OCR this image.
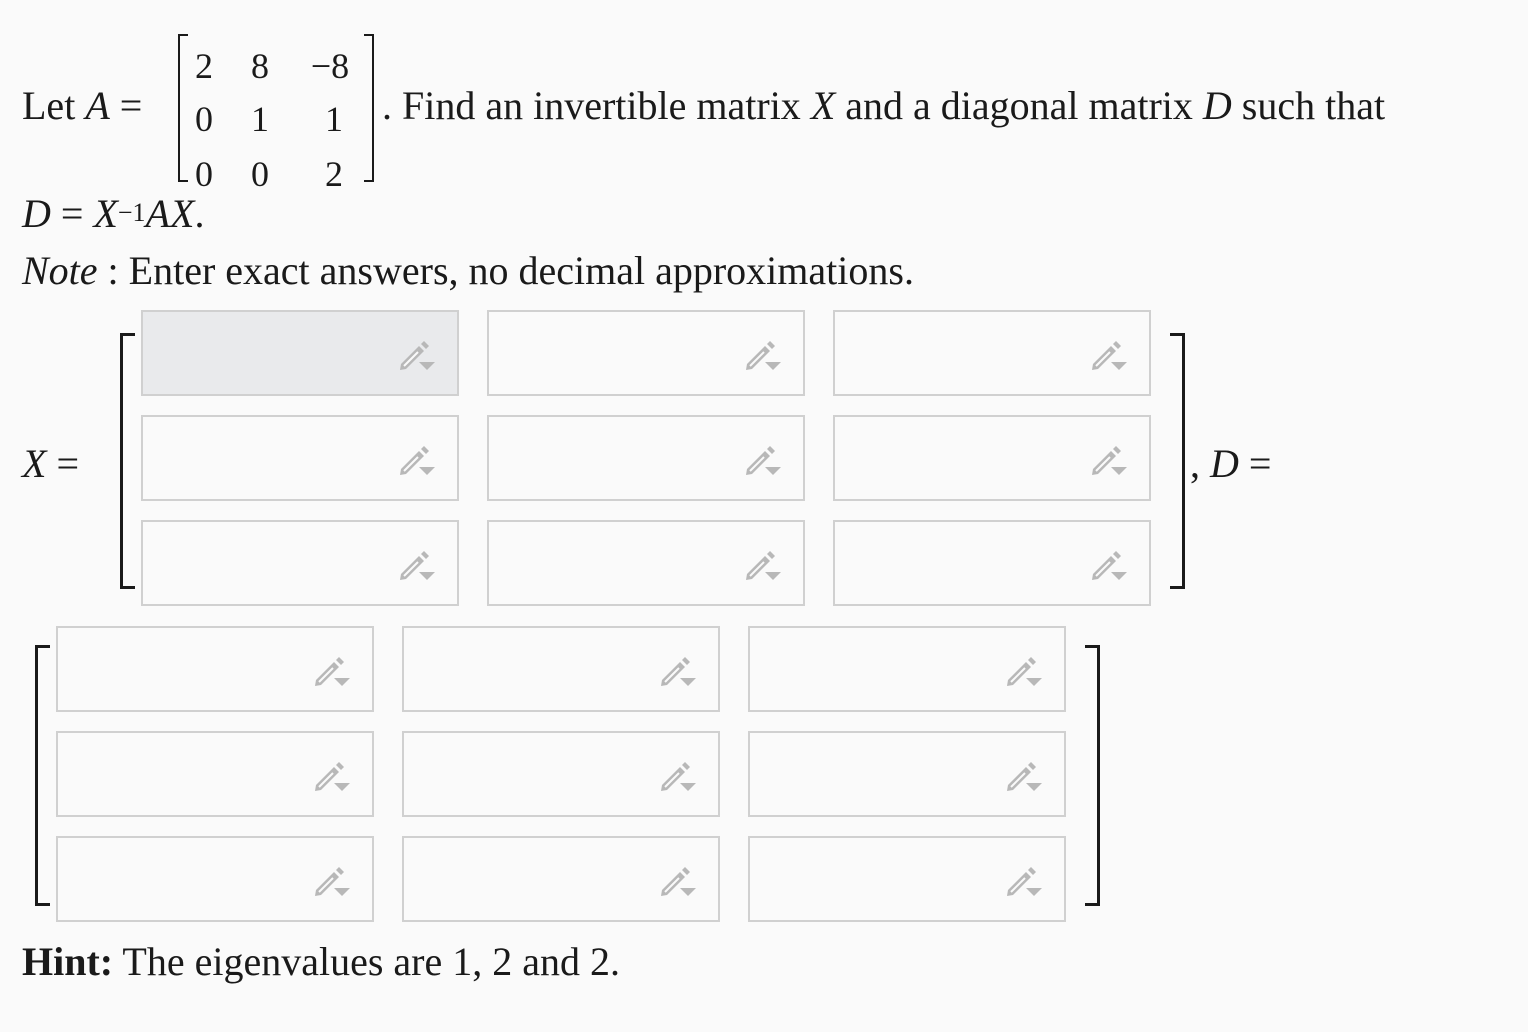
Let A =
2	8	−8
0	1	1
0	0	2
. Find an invertible matrix X and a diagonal matrix D such that
$D = X^{-1}AX$.
Note : Enter exact answers, no decimal approximations.
X =	, D =
Hint: The eigenvalues are 1, 2 and 2.
